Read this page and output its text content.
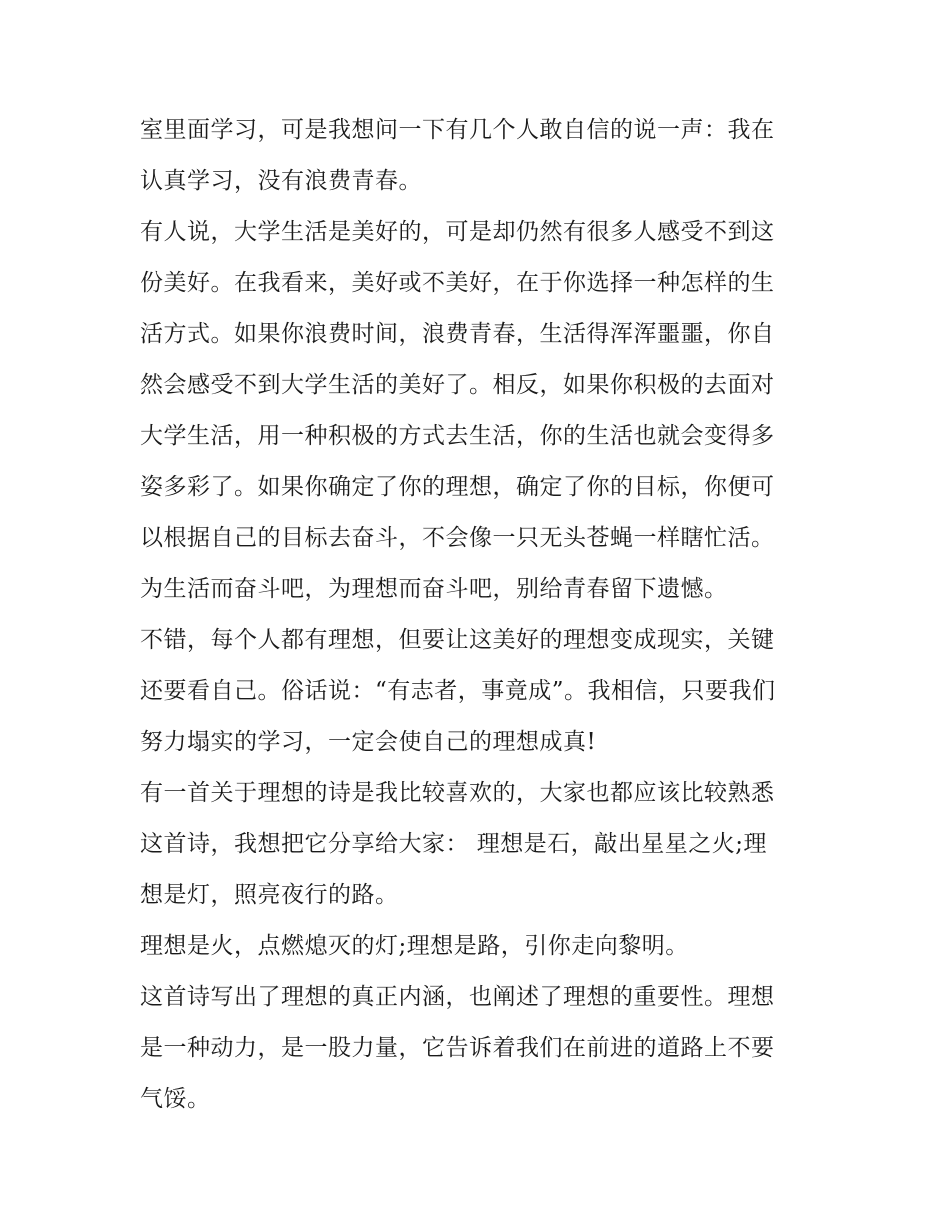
室里面学习，可是我想问一下有几个人敢自信的说一声：我在
认真学习，没有浪费青春。
有人说，大学生活是美好的，可是却仍然有很多人感受不到这
份美好。在我看来，美好或不美好，在于你选择一种怎样的生
活方式。如果你浪费时间，浪费青春，生活得浑浑噩噩，你自
然会感受不到大学生活的美好了。相反，如果你积极的去面对
大学生活，用一种积极的方式去生活，你的生活也就会变得多
姿多彩了。如果你确定了你的理想，确定了你的目标，你便可
以根据自己的目标去奋斗，不会像一只无头苍蝇一样瞎忙活。
为生活而奋斗吧，为理想而奋斗吧，别给青春留下遗憾。
不错，每个人都有理想，但要让这美好的理想变成现实，关键
还要看自己。俗话说：“有志者，事竟成”。我相信，只要我们
努力塌实的学习，一定会使自己的理想成真!
有一首关于理想的诗是我比较喜欢的，大家也都应该比较熟悉
这首诗，我想把它分享给大家： 理想是石，敲出星星之火;理
想是灯，照亮夜行的路。
理想是火，点燃熄灭的灯;理想是路，引你走向黎明。
这首诗写出了理想的真正内涵，也阐述了理想的重要性。理想
是一种动力，是一股力量，它告诉着我们在前进的道路上不要
气馁。
